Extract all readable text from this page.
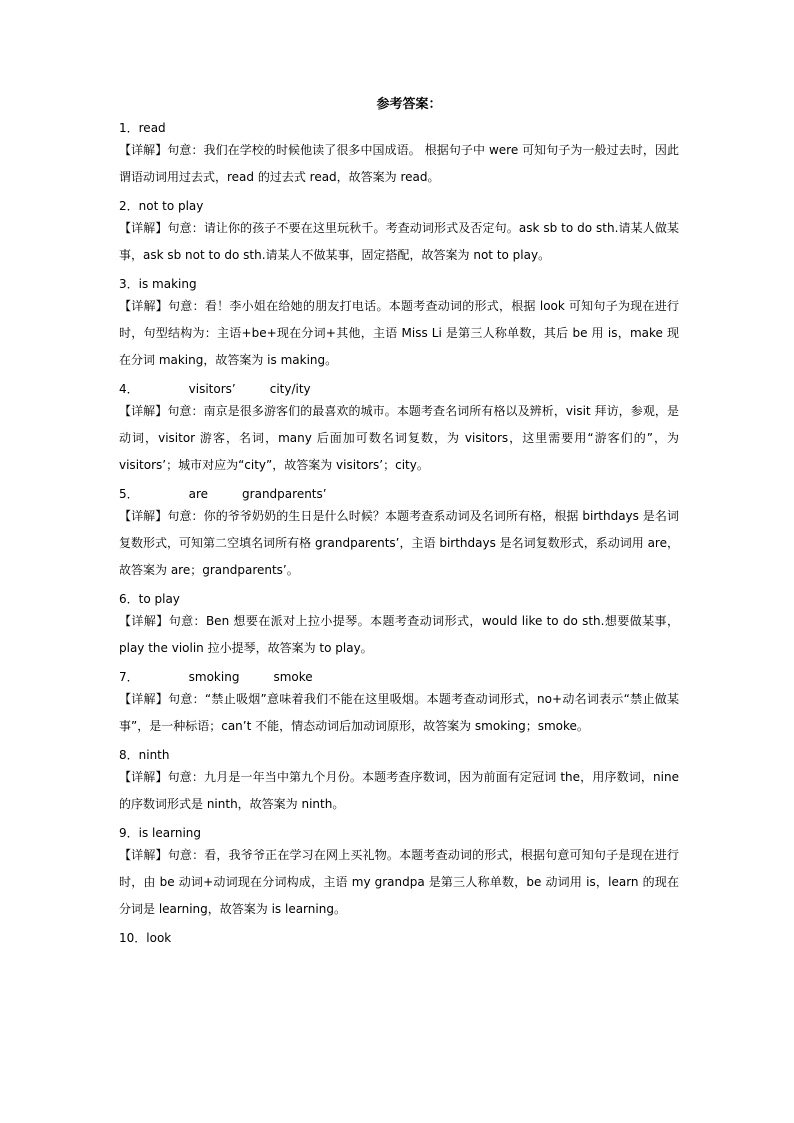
参考答案：
1．read

【详解】句意：我们在学校的时候他读了很多中国成语。 根据句子中 were 可知句子为一般过去时，因此谓语动词用过去式，read 的过去式 read，故答案为 read。

2．not to play

【详解】句意：请让你的孩子不要在这里玩秋千。考查动词形式及否定句。ask sb to do sth.请某人做某事，ask sb not to do sth.请某人不做某事，固定搭配，故答案为 not to play。

3．is making

【详解】句意：看！李小姐在给她的朋友打电话。本题考查动词的形式，根据 look 可知句子为现在进行时，句型结构为：主语+be+现在分词+其他，主语 Miss Li 是第三人称单数，其后 be 用 is，make 现在分词 making，故答案为 is making。

4．	visitors’	city/ity

【详解】句意：南京是很多游客们的最喜欢的城市。本题考查名词所有格以及辨析，visit 拜访，参观，是动词，visitor 游客，名词，many 后面加可数名词复数，为 visitors，这里需要用“游客们的”，为 visitors’；城市对应为“city”，故答案为 visitors’；city。

5．	are	grandparents’

【详解】句意：你的爷爷奶奶的生日是什么时候？本题考查系动词及名词所有格，根据 birthdays 是名词复数形式，可知第二空填名词所有格 grandparents’，主语 birthdays 是名词复数形式，系动词用 are，故答案为 are；grandparents’。

6．to play

【详解】句意：Ben 想要在派对上拉小提琴。本题考查动词形式，would like to do sth.想要做某事，play the violin 拉小提琴，故答案为 to play。

7．	smoking	smoke

【详解】句意：“禁止吸烟”意味着我们不能在这里吸烟。本题考查动词形式，no+动名词表示“禁止做某事”，是一种标语；can’t 不能，情态动词后加动词原形，故答案为 smoking；smoke。

8．ninth

【详解】句意：九月是一年当中第九个月份。本题考查序数词，因为前面有定冠词 the，用序数词，nine 的序数词形式是 ninth，故答案为 ninth。

9．is learning

【详解】句意：看，我爷爷正在学习在网上买礼物。本题考查动词的形式，根据句意可知句子是现在进行时，由 be 动词+动词现在分词构成，主语 my grandpa 是第三人称单数，be 动词用 is，learn 的现在分词是 learning，故答案为 is learning。

10．look
